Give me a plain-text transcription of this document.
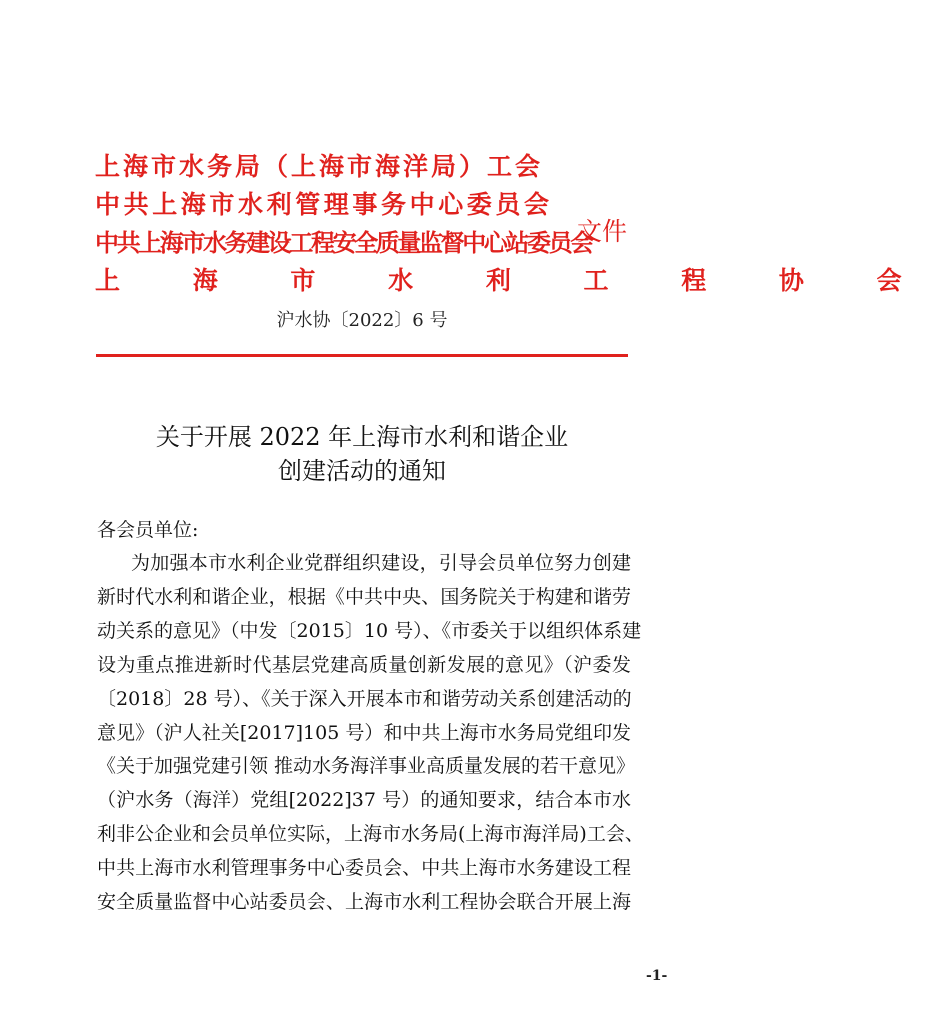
上海市水务局（上海市海洋局）工会
中共上海市水利管理事务中心委员会
中共上海市水务建设工程安全质量监督中心站委员会
上 海 市 水 利 工 程 协 会
文件
沪水协〔2022〕6 号
关于开展 2022 年上海市水利和谐企业
创建活动的通知
各会员单位:
为加强本市水利企业党群组织建设，引导会员单位努力创建
新时代水利和谐企业，根据《中共中央、国务院关于构建和谐劳
动关系的意见》（中发〔2015〕10 号）、《市委关于以组织体系建
设为重点推进新时代基层党建高质量创新发展的意见》（沪委发
〔2018〕28 号）、《关于深入开展本市和谐劳动关系创建活动的
意见》（沪人社关[2017]105 号）和中共上海市水务局党组印发
《关于加强党建引领 推动水务海洋事业高质量发展的若干意见》
（沪水务（海洋）党组[2022]37 号）的通知要求，结合本市水
利非公企业和会员单位实际，上海市水务局(上海市海洋局)工会、
中共上海市水利管理事务中心委员会、中共上海市水务建设工程
安全质量监督中心站委员会、上海市水利工程协会联合开展上海
-1-
